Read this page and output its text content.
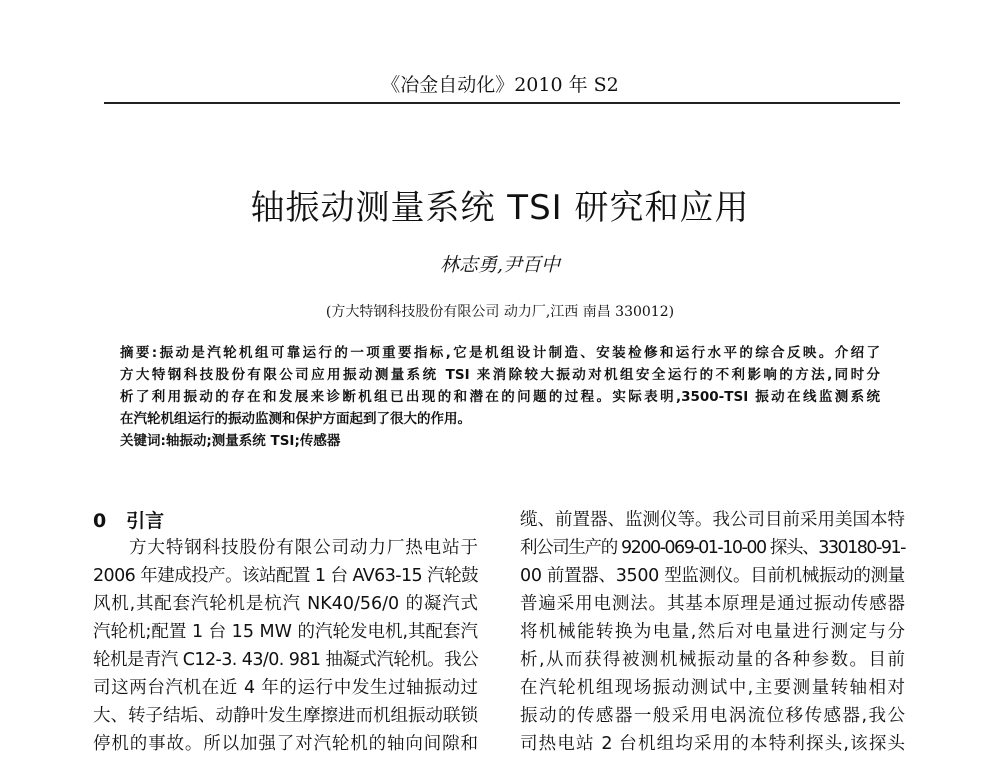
《冶金自动化》2010 年 S2
轴振动测量系统 TSI 研究和应用
林志勇,尹百中
(方大特钢科技股份有限公司 动力厂,江西 南昌 330012)
摘要:振动是汽轮机组可靠运行的一项重要指标,它是机组设计制造、安装检修和运行水平的综合反映。介绍了
方大特钢科技股份有限公司应用振动测量系统 TSI 来消除较大振动对机组安全运行的不利影响的方法,同时分
析了利用振动的存在和发展来诊断机组已出现的和潜在的问题的过程。实际表明,3500-TSI 振动在线监测系统
在汽轮机组运行的振动监测和保护方面起到了很大的作用。
关键词:轴振动;测量系统 TSI;传感器
0   引言
方大特钢科技股份有限公司动力厂热电站于
2006 年建成投产。该站配置 1 台 AV63-15 汽轮鼓
风机,其配套汽轮机是杭汽 NK40/56/0 的凝汽式
汽轮机;配置 1 台 15 MW 的汽轮发电机,其配套汽
轮机是青汽 C12-3. 43/0. 981 抽凝式汽轮机。我公
司这两台汽机在近 4 年的运行中发生过轴振动过
大、转子结垢、动静叶发生摩擦进而机组振动联锁
停机的事故。所以加强了对汽轮机的轴向间隙和
缆、前置器、监测仪等。我公司目前采用美国本特
利公司生产的 9200-069-01-10-00 探头、330180-91-
00 前置器、3500 型监测仪。目前机械振动的测量
普遍采用电测法。其基本原理是通过振动传感器
将机械能转换为电量,然后对电量进行测定与分
析,从而获得被测机械振动量的各种参数。目前
在汽轮机组现场振动测试中,主要测量转轴相对
振动的传感器一般采用电涡流位移传感器,我公
司热电站 2 台机组均采用的本特利探头,该探头
